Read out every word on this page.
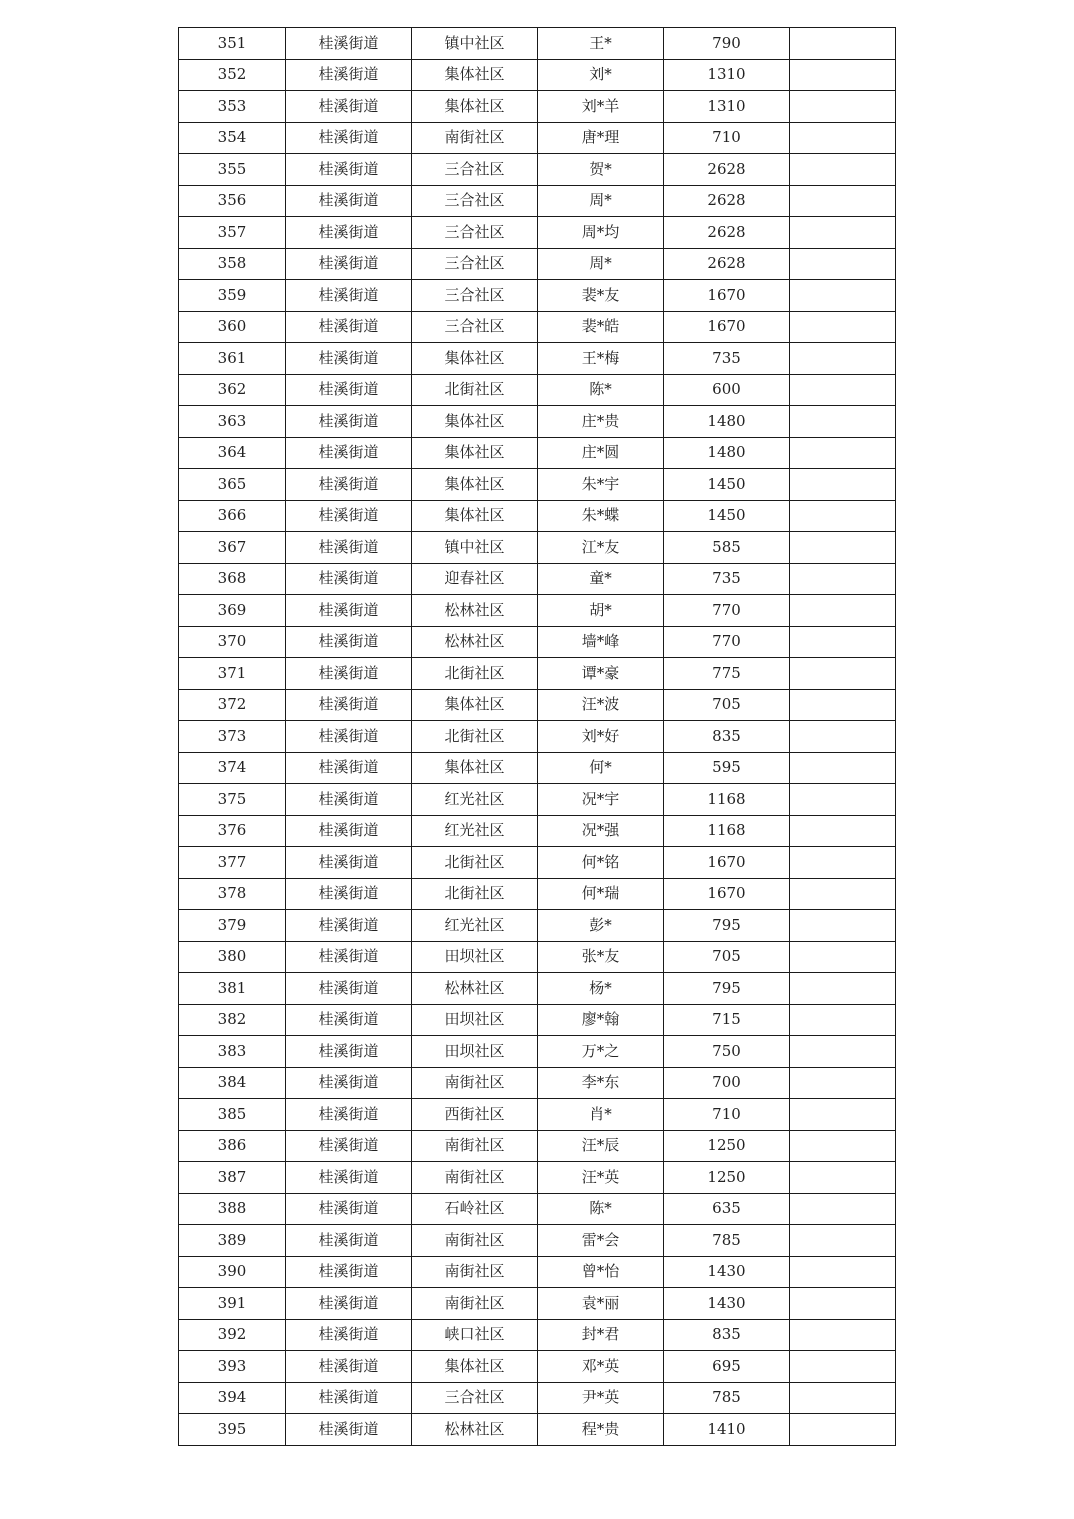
351	桂溪街道	镇中社区	王*	790	
352	桂溪街道	集体社区	刘*	1310	
353	桂溪街道	集体社区	刘*羊	1310	
354	桂溪街道	南街社区	唐*理	710	
355	桂溪街道	三合社区	贺*	2628	
356	桂溪街道	三合社区	周*	2628	
357	桂溪街道	三合社区	周*均	2628	
358	桂溪街道	三合社区	周*	2628	
359	桂溪街道	三合社区	裴*友	1670	
360	桂溪街道	三合社区	裴*皓	1670	
361	桂溪街道	集体社区	王*梅	735	
362	桂溪街道	北街社区	陈*	600	
363	桂溪街道	集体社区	庄*贵	1480	
364	桂溪街道	集体社区	庄*圆	1480	
365	桂溪街道	集体社区	朱*宇	1450	
366	桂溪街道	集体社区	朱*蝶	1450	
367	桂溪街道	镇中社区	江*友	585	
368	桂溪街道	迎春社区	童*	735	
369	桂溪街道	松林社区	胡*	770	
370	桂溪街道	松林社区	墙*峰	770	
371	桂溪街道	北街社区	谭*豪	775	
372	桂溪街道	集体社区	汪*波	705	
373	桂溪街道	北街社区	刘*好	835	
374	桂溪街道	集体社区	何*	595	
375	桂溪街道	红光社区	况*宇	1168	
376	桂溪街道	红光社区	况*强	1168	
377	桂溪街道	北街社区	何*铭	1670	
378	桂溪街道	北街社区	何*瑞	1670	
379	桂溪街道	红光社区	彭*	795	
380	桂溪街道	田坝社区	张*友	705	
381	桂溪街道	松林社区	杨*	795	
382	桂溪街道	田坝社区	廖*翰	715	
383	桂溪街道	田坝社区	万*之	750	
384	桂溪街道	南街社区	李*东	700	
385	桂溪街道	西街社区	肖*	710	
386	桂溪街道	南街社区	汪*辰	1250	
387	桂溪街道	南街社区	汪*英	1250	
388	桂溪街道	石岭社区	陈*	635	
389	桂溪街道	南街社区	雷*会	785	
390	桂溪街道	南街社区	曾*怡	1430	
391	桂溪街道	南街社区	袁*丽	1430	
392	桂溪街道	峡口社区	封*君	835	
393	桂溪街道	集体社区	邓*英	695	
394	桂溪街道	三合社区	尹*英	785	
395	桂溪街道	松林社区	程*贵	1410	
